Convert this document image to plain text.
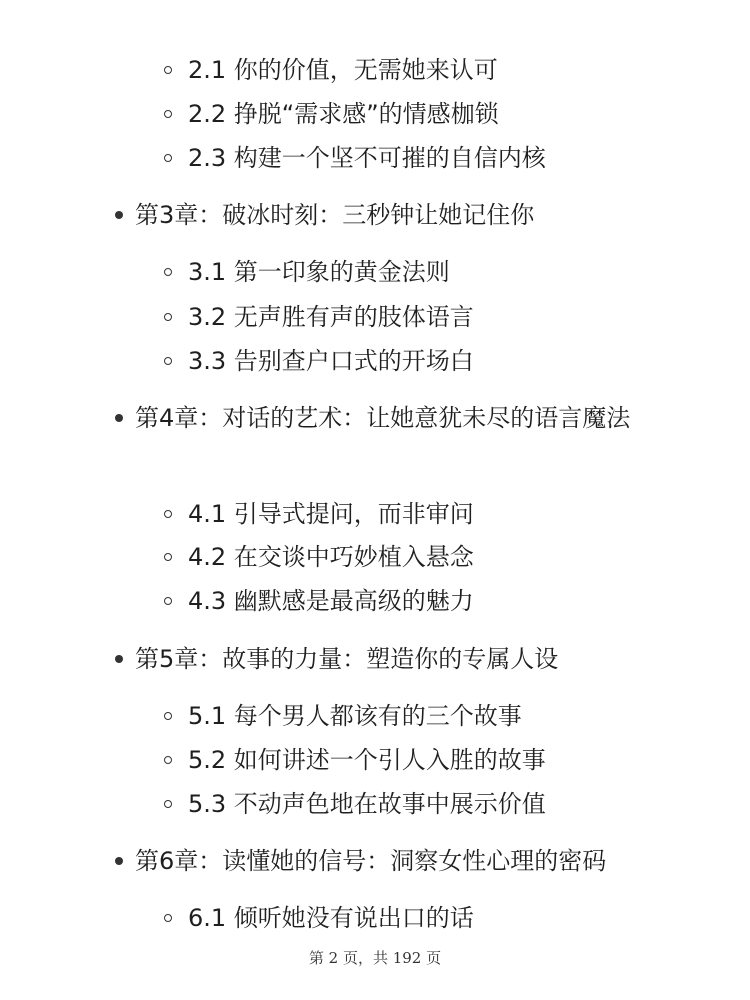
2.1 你的价值，无需她来认可
2.2 挣脱“需求感”的情感枷锁
2.3 构建一个坚不可摧的自信内核
第3章：破冰时刻：三秒钟让她记住你
3.1 第一印象的黄金法则
3.2 无声胜有声的肢体语言
3.3 告别查户口式的开场白
第4章：对话的艺术：让她意犹未尽的语言魔法
4.1 引导式提问，而非审问
4.2 在交谈中巧妙植入悬念
4.3 幽默感是最高级的魅力
第5章：故事的力量：塑造你的专属人设
5.1 每个男人都该有的三个故事
5.2 如何讲述一个引人入胜的故事
5.3 不动声色地在故事中展示价值
第6章：读懂她的信号：洞察女性心理的密码
6.1 倾听她没有说出口的话
第 2 页，共 192 页
